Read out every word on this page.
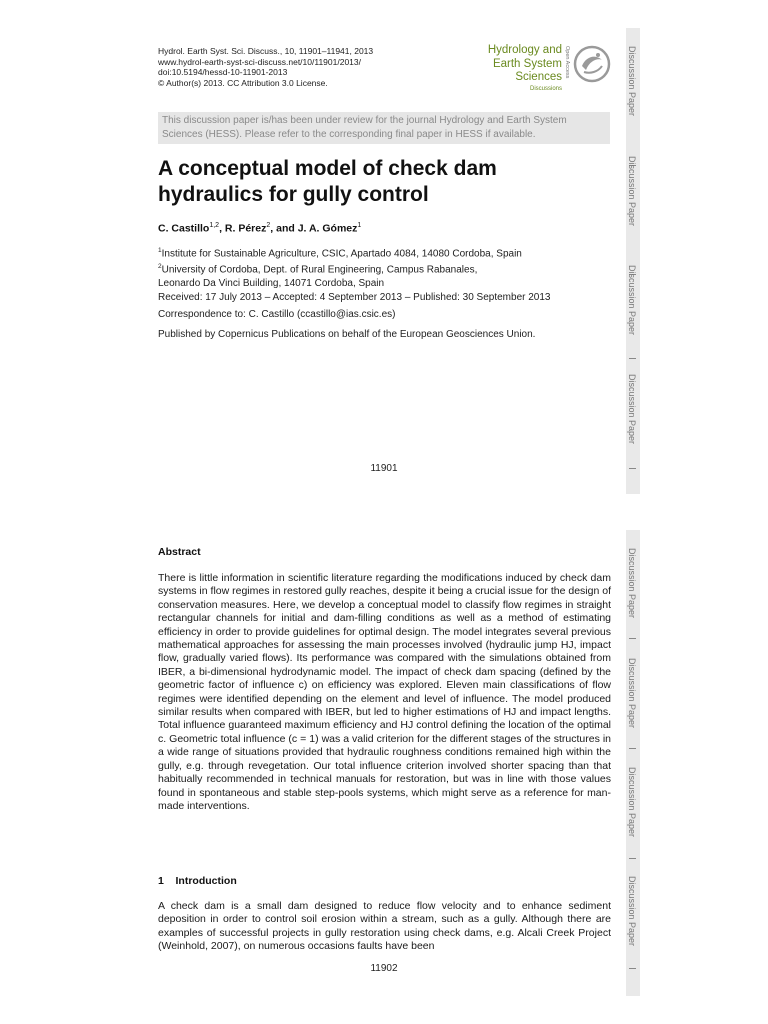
Hydrol. Earth Syst. Sci. Discuss., 10, 11901–11941, 2013
www.hydrol-earth-syst-sci-discuss.net/10/11901/2013/
doi:10.5194/hessd-10-11901-2013
© Author(s) 2013. CC Attribution 3.0 License.
Hydrology and
Earth System
Sciences
Discussions
Open Access
This discussion paper is/has been under review for the journal Hydrology and Earth System Sciences (HESS). Please refer to the corresponding final paper in HESS if available.
A conceptual model of check dam hydraulics for gully control
C. Castillo$^{1,2}$, R. Pérez$^2$, and J. A. Gómez$^1$
$^1$Institute for Sustainable Agriculture, CSIC, Apartado 4084, 14080 Cordoba, Spain
$^2$University of Cordoba, Dept. of Rural Engineering, Campus Rabanales,
Leonardo Da Vinci Building, 14071 Cordoba, Spain
Received: 17 July 2013 – Accepted: 4 September 2013 – Published: 30 September 2013
Correspondence to: C. Castillo (ccastillo@ias.csic.es)
Published by Copernicus Publications on behalf of the European Geosciences Union.
11901
Discussion Paper
Discussion Paper
Discussion Paper
Discussion Paper
Abstract
There is little information in scientific literature regarding the modifications induced by check dam systems in flow regimes in restored gully reaches, despite it being a crucial issue for the design of conservation measures. Here, we develop a conceptual model to classify flow regimes in straight rectangular channels for initial and dam-filling conditions as well as a method of estimating efficiency in order to provide guidelines for optimal design. The model integrates several previous mathematical approaches for assessing the main processes involved (hydraulic jump HJ, impact flow, gradually varied flows). Its performance was compared with the simulations obtained from IBER, a bi-dimensional hydrodynamic model. The impact of check dam spacing (defined by the geometric factor of influence c) on efficiency was explored. Eleven main classifications of flow regimes were identified depending on the element and level of influence. The model produced similar results when compared with IBER, but led to higher estimations of HJ and impact lengths. Total influence guaranteed maximum efficiency and HJ control defining the location of the optimal c. Geometric total influence (c = 1) was a valid criterion for the different stages of the structures in a wide range of situations provided that hydraulic roughness conditions remained high within the gully, e.g. through revegetation. Our total influence criterion involved shorter spacing than that habitually recommended in technical manuals for restoration, but was in line with those values found in spontaneous and stable step-pools systems, which might serve as a reference for man-made interventions.
1    Introduction
A check dam is a small dam designed to reduce flow velocity and to enhance sediment deposition in order to control soil erosion within a stream, such as a gully. Although there are examples of successful projects in gully restoration using check dams, e.g. Alcali Creek Project (Weinhold, 2007), on numerous occasions faults have been
11902
Discussion Paper
Discussion Paper
Discussion Paper
Discussion Paper
